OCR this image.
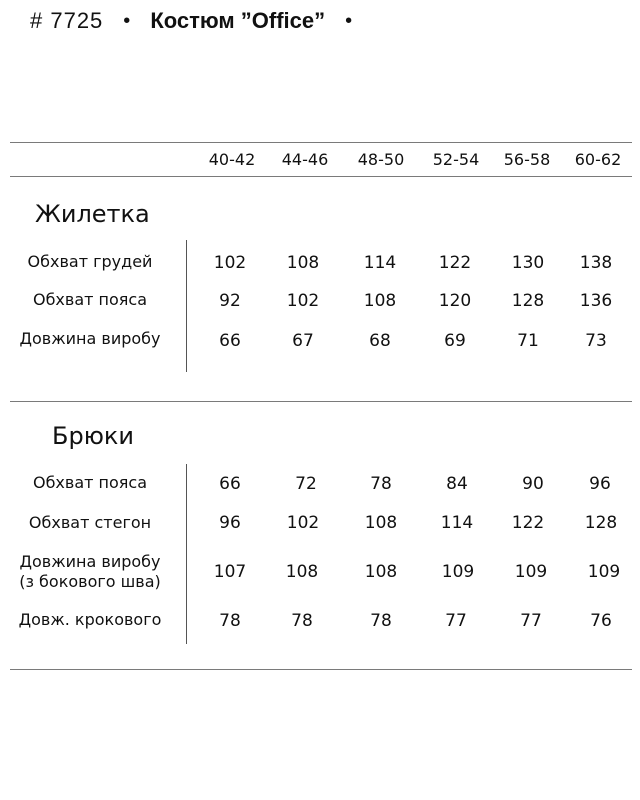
# 7725 • Костюм ”Office” •
40-42	44-46	48-50	52-54	56-58	60-62
Жилетка
Обхват грудей	102	108	114	122	130	138
Обхват пояса	92	102	108	120	128	136
Довжина виробу	66	67	68	69	71	73
Брюки
Обхват пояса	66	72	78	84	90	96
Обхват стегон	96	102	108	114	122	128
Довжина виробу
(з бокового шва)	107	108	108	109	109	109
Довж. крокового	78	78	78	77	77	76
